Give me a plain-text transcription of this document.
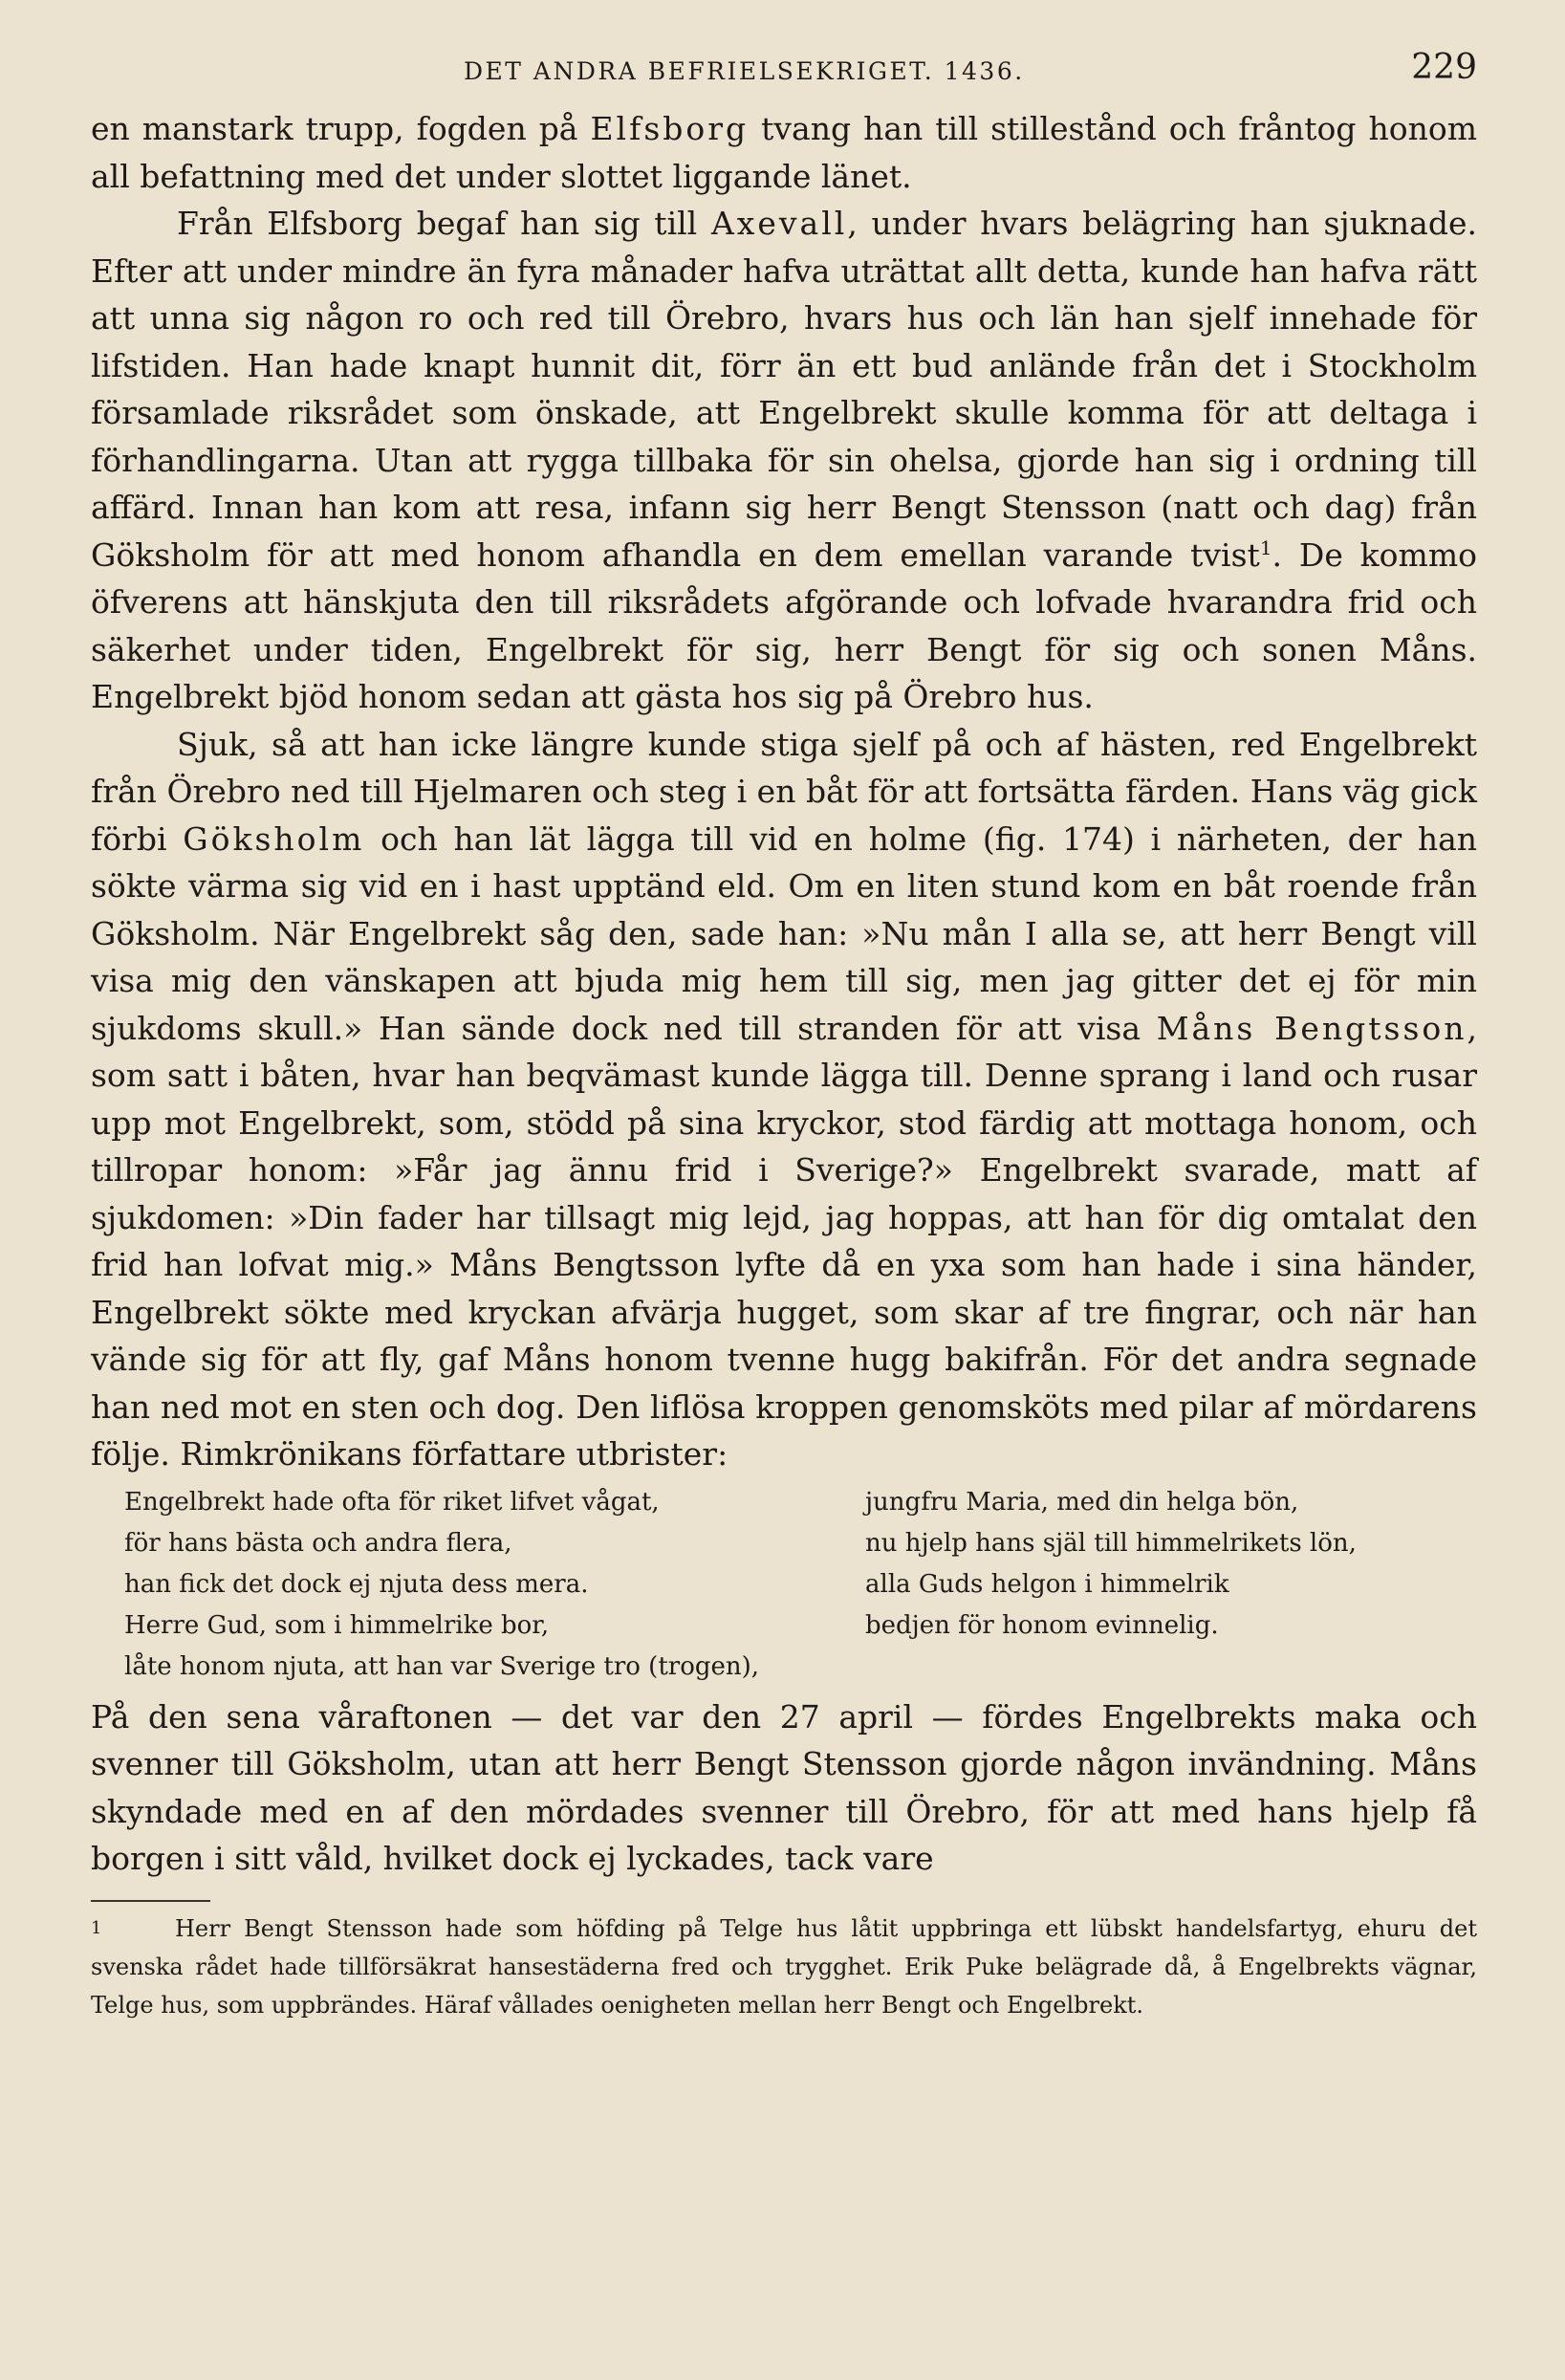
DET ANDRA BEFRIELSEKRIGET. 1436.	229

en manstark trupp, fogden på Elfsborg tvang han till stillestånd och fråntog honom all befattning med det under slottet liggande länet.

Från Elfsborg begaf han sig till Axevall, under hvars belägring han sjuknade. Efter att under mindre än fyra månader hafva uträttat allt detta, kunde han hafva rätt att unna sig någon ro och red till Örebro, hvars hus och län han sjelf innehade för lifstiden. Han hade knapt hunnit dit, förr än ett bud anlände från det i Stockholm församlade riksrådet som önskade, att Engelbrekt skulle komma för att deltaga i förhandlingarna. Utan att rygga tillbaka för sin ohelsa, gjorde han sig i ordning till affärd. Innan han kom att resa, infann sig herr Bengt Stensson (natt och dag) från Göksholm för att med honom afhandla en dem emellan varande tvist$^1$. De kommo öfverens att hänskjuta den till riksrådets afgörande och lofvade hvarandra frid och säkerhet under tiden, Engelbrekt för sig, herr Bengt för sig och sonen Måns. Engelbrekt bjöd honom sedan att gästa hos sig på Örebro hus.

Sjuk, så att han icke längre kunde stiga sjelf på och af hästen, red Engelbrekt från Örebro ned till Hjelmaren och steg i en båt för att fortsätta färden. Hans väg gick förbi Göksholm och han lät lägga till vid en holme (fig. 174) i närheten, der han sökte värma sig vid en i hast upptänd eld. Om en liten stund kom en båt roende från Göksholm. När Engelbrekt såg den, sade han: »Nu mån I alla se, att herr Bengt vill visa mig den vänskapen att bjuda mig hem till sig, men jag gitter det ej för min sjukdoms skull.» Han sände dock ned till stranden för att visa Måns Bengtsson, som satt i båten, hvar han beqvämast kunde lägga till. Denne sprang i land och rusar upp mot Engelbrekt, som, stödd på sina kryckor, stod färdig att mottaga honom, och tillropar honom: »Får jag ännu frid i Sverige?» Engelbrekt svarade, matt af sjukdomen: »Din fader har tillsagt mig lejd, jag hoppas, att han för dig omtalat den frid han lofvat mig.» Måns Bengtsson lyfte då en yxa som han hade i sina händer, Engelbrekt sökte med kryckan afvärja hugget, som skar af tre fingrar, och när han vände sig för att fly, gaf Måns honom tvenne hugg bakifrån. För det andra segnade han ned mot en sten och dog. Den liflösa kroppen genomsköts med pilar af mördarens följe. Rimkrönikans författare utbrister:

Engelbrekt hade ofta för riket lifvet vågat,
för hans bästa och andra flera,
han fick det dock ej njuta dess mera.
Herre Gud, som i himmelrike bor,
låte honom njuta, att han var Sverige tro (trogen),
jungfru Maria, med din helga bön,
nu hjelp hans själ till himmelrikets lön,
alla Guds helgon i himmelrik
bedjen för honom evinnelig.

På den sena våraftonen — det var den 27 april — fördes Engelbrekts maka och svenner till Göksholm, utan att herr Bengt Stensson gjorde någon invändning. Måns skyndade med en af den mördades svenner till Örebro, för att med hans hjelp få borgen i sitt våld, hvilket dock ej lyckades, tack vare

1	Herr Bengt Stensson hade som höfding på Telge hus låtit uppbringa ett lübskt handelsfartyg, ehuru det svenska rådet hade tillförsäkrat hansestäderna fred och trygghet. Erik Puke belägrade då, å Engelbrekts vägnar, Telge hus, som uppbrändes. Häraf vållades oenigheten mellan herr Bengt och Engelbrekt.
